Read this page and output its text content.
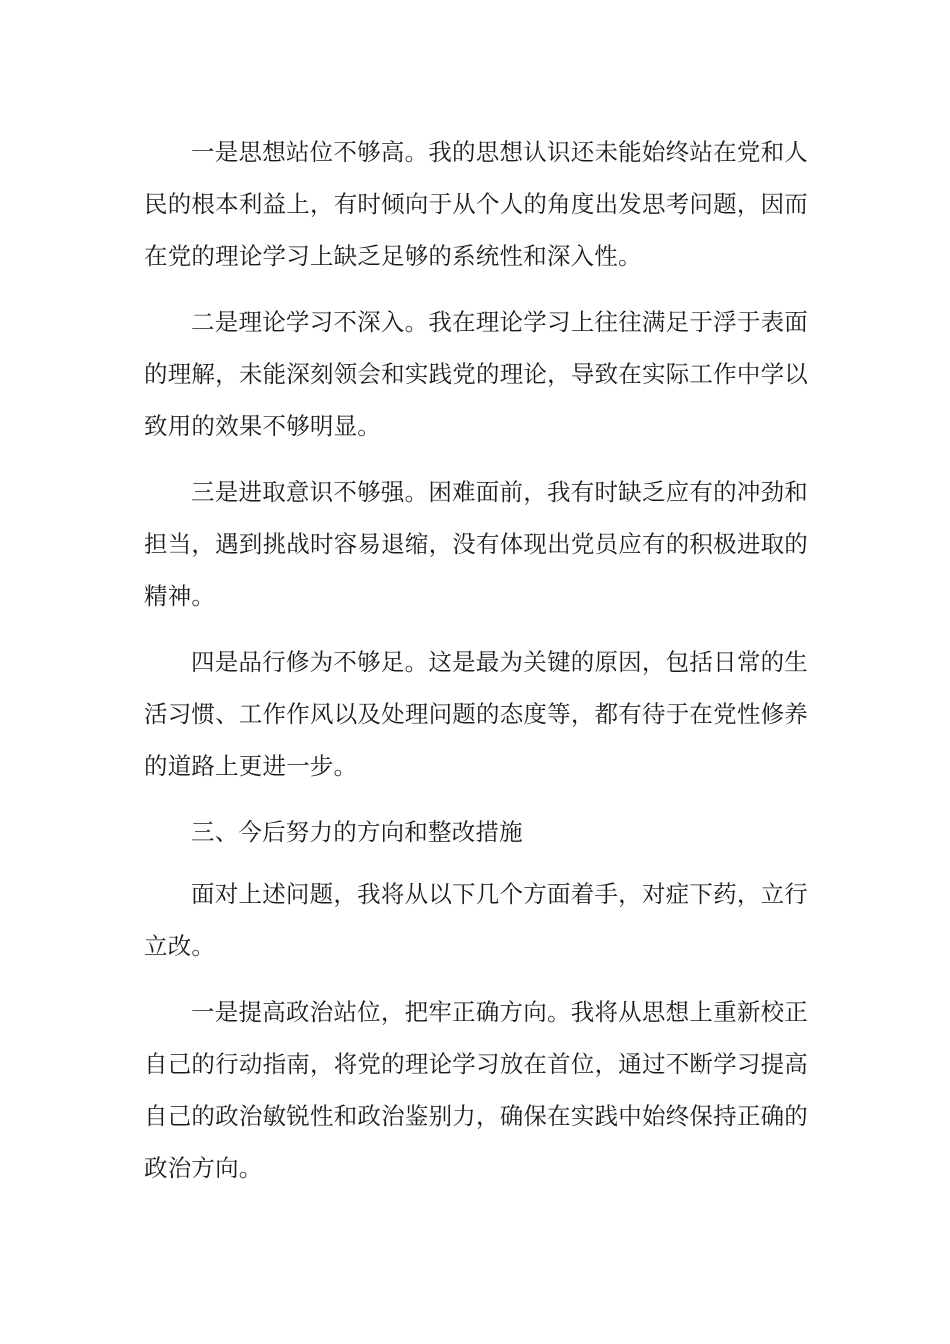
一是思想站位不够高。我的思想认识还未能始终站在党和人民的根本利益上，有时倾向于从个人的角度出发思考问题，因而在党的理论学习上缺乏足够的系统性和深入性。

二是理论学习不深入。我在理论学习上往往满足于浮于表面的理解，未能深刻领会和实践党的理论，导致在实际工作中学以致用的效果不够明显。

三是进取意识不够强。困难面前，我有时缺乏应有的冲劲和担当，遇到挑战时容易退缩，没有体现出党员应有的积极进取的精神。

四是品行修为不够足。这是最为关键的原因，包括日常的生活习惯、工作作风以及处理问题的态度等，都有待于在党性修养的道路上更进一步。

三、今后努力的方向和整改措施

面对上述问题，我将从以下几个方面着手，对症下药，立行立改。

一是提高政治站位，把牢正确方向。我将从思想上重新校正自己的行动指南，将党的理论学习放在首位，通过不断学习提高自己的政治敏锐性和政治鉴别力，确保在实践中始终保持正确的政治方向。
